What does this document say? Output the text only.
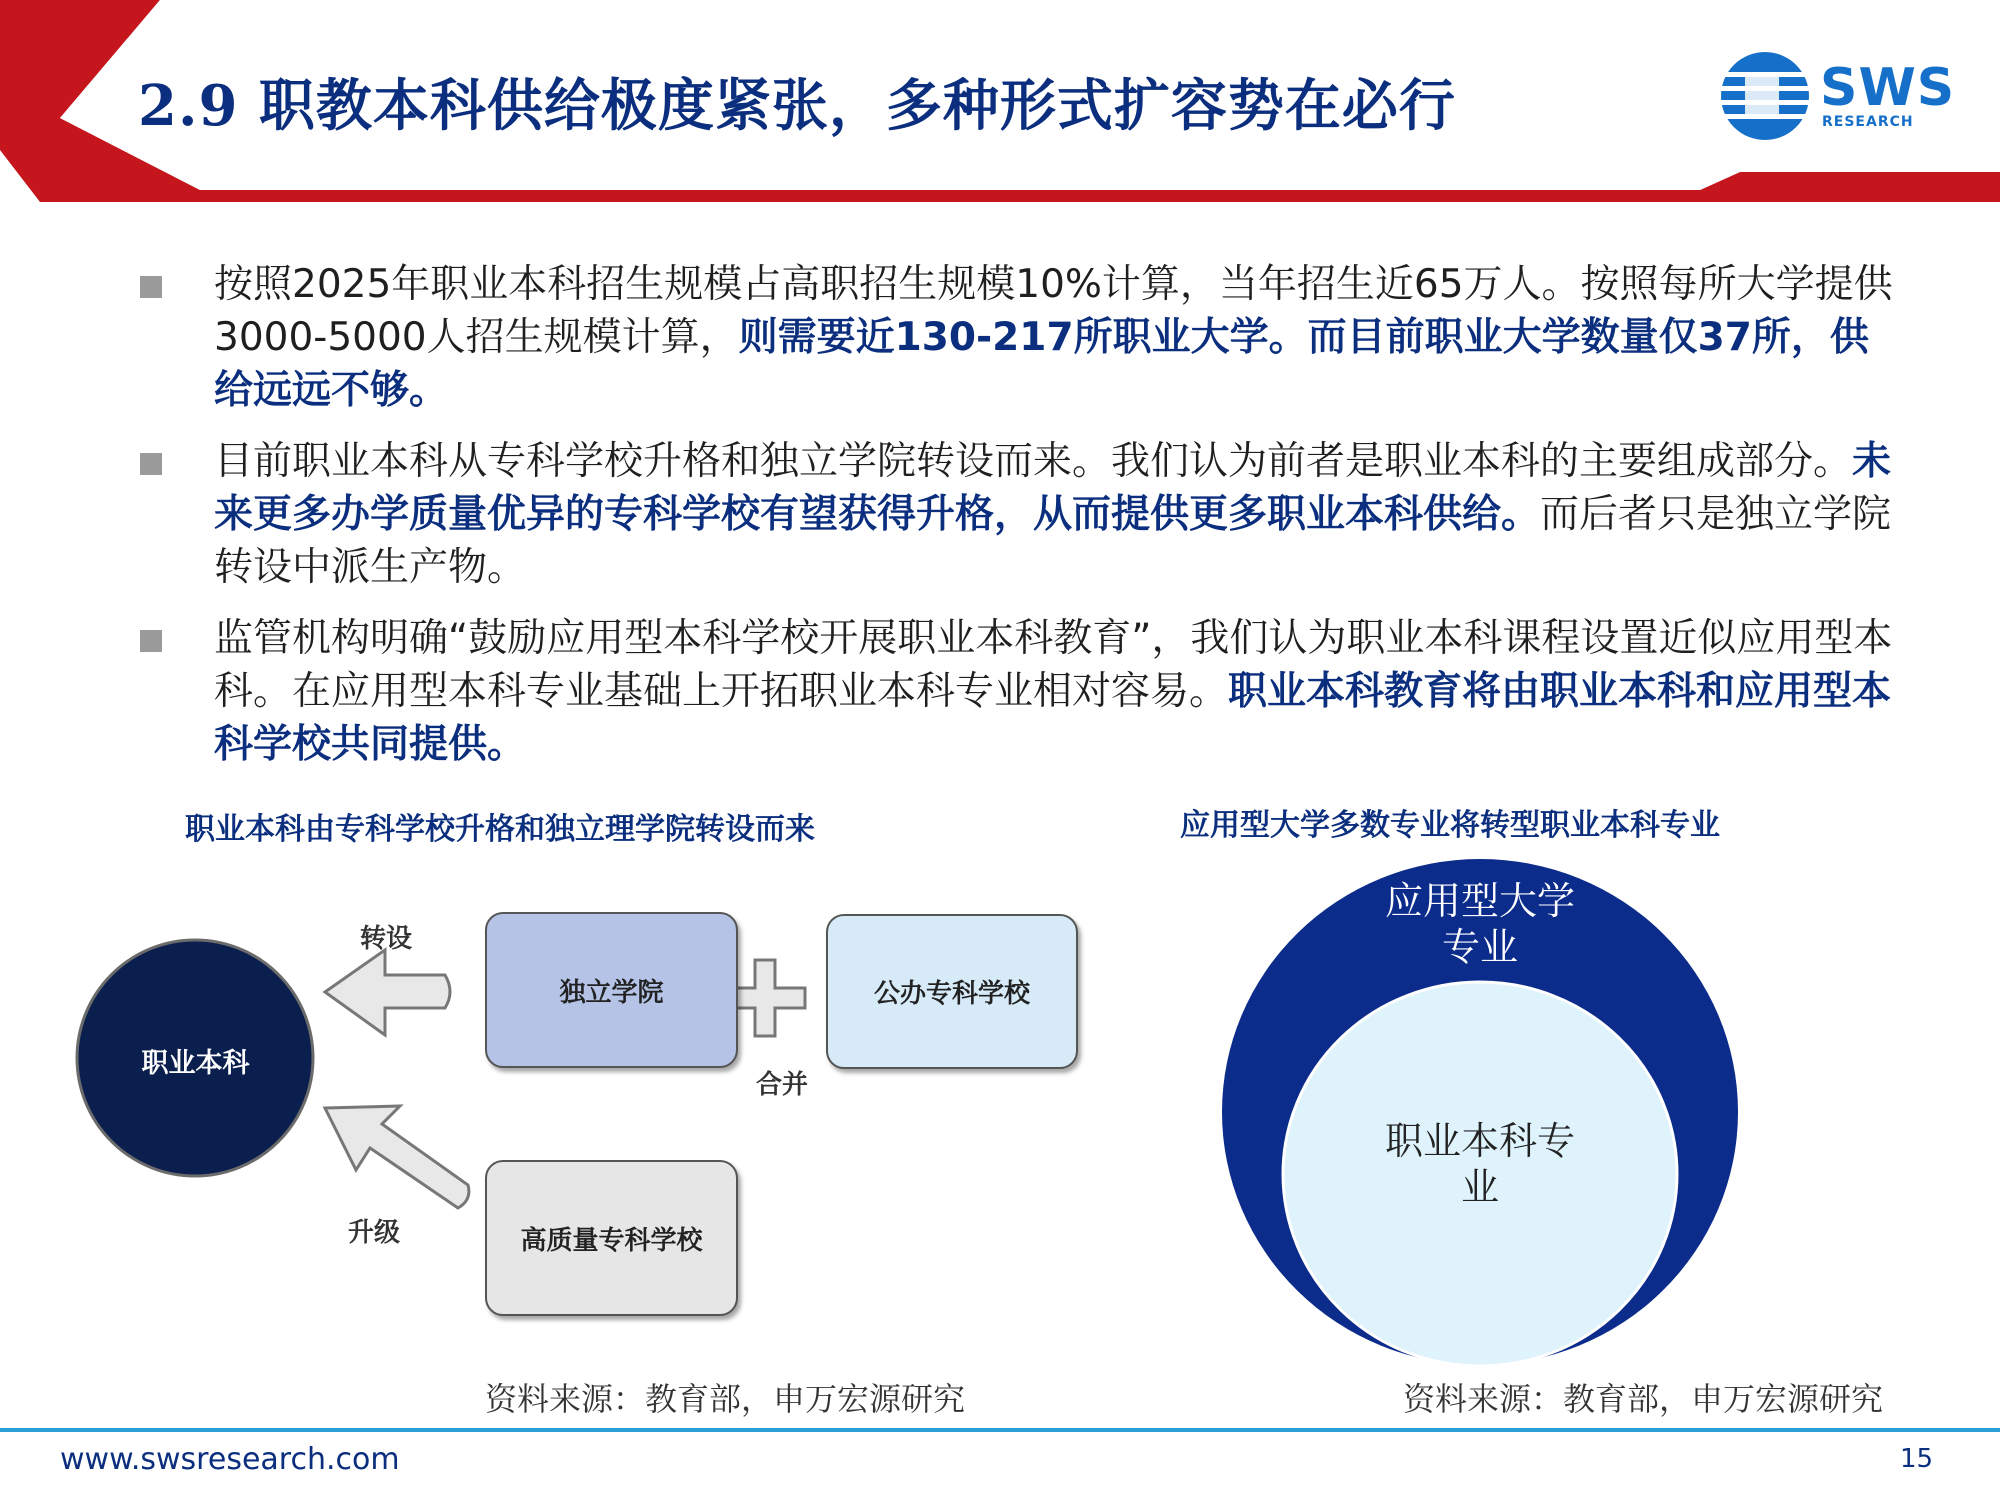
2.9 职教本科供给极度紧张，多种形式扩容势在必行	SWS
RESEARCH
按照2025年职业本科招生规模占高职招生规模10%计算，当年招生近65万人。按照每所大学提供3000-5000人招生规模计算，则需要近130-217所职业大学。而目前职业大学数量仅37所，供给远远不够。
目前职业本科从专科学校升格和独立学院转设而来。我们认为前者是职业本科的主要组成部分。未来更多办学质量优异的专科学校有望获得升格，从而提供更多职业本科供给。而后者只是独立学院转设中派生产物。
监管机构明确“鼓励应用型本科学校开展职业本科教育”，我们认为职业本科课程设置近似应用型本科。在应用型本科专业基础上开拓职业本科专业相对容易。职业本科教育将由职业本科和应用型本科学校共同提供。
职业本科由专科学校升格和独立理学院转设而来
职业本科
独立学院	公办专科学校
高质量专科学校
转设
合并
升级
资料来源：教育部，申万宏源研究
应用型大学多数专业将转型职业本科专业
应用型大学
专业
职业本科专
业
资料来源：教育部，申万宏源研究
www.swsresearch.com	15
